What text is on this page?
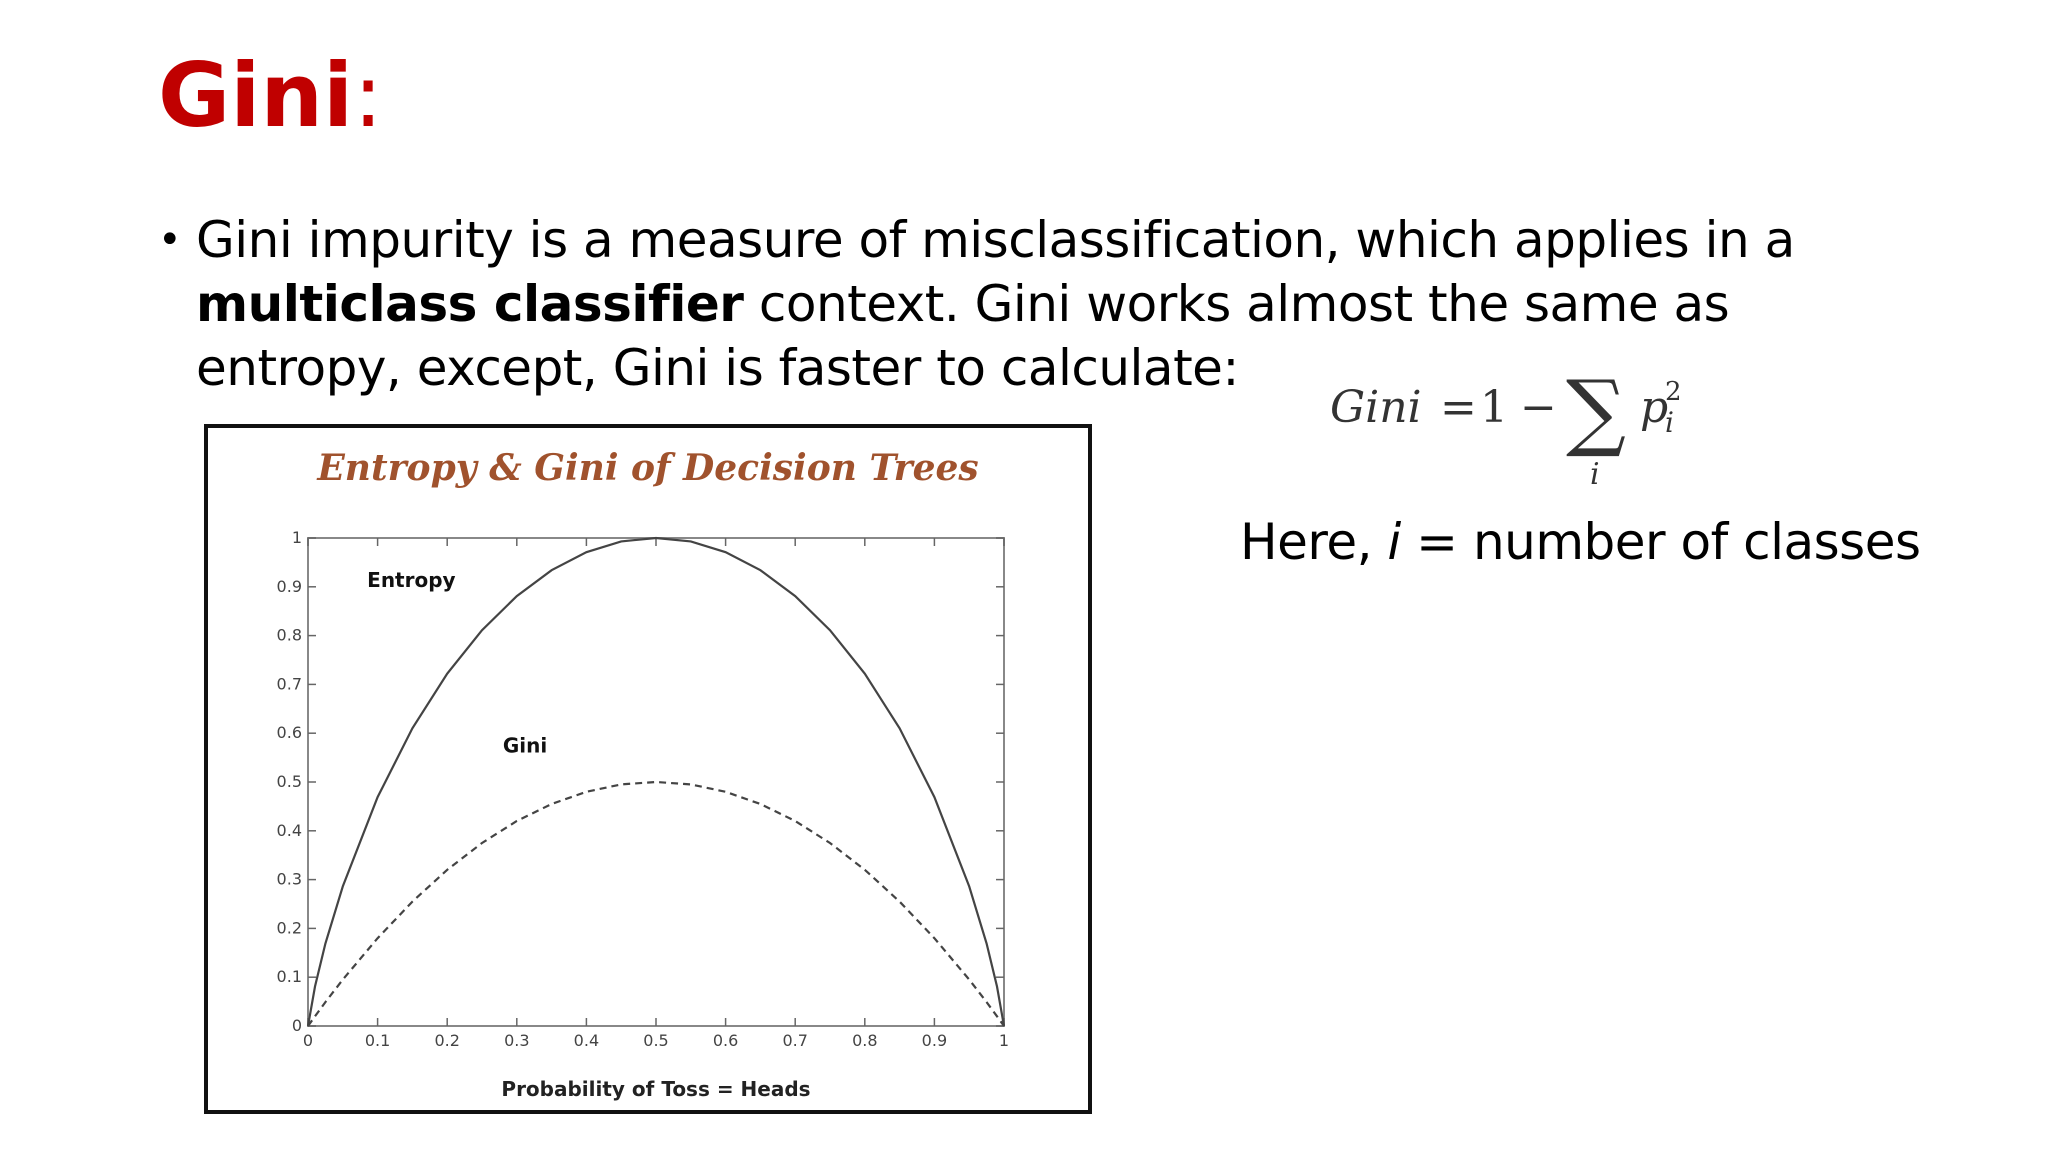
Gini:
• Gini impurity is a measure of misclassification, which applies in a multiclass classifier context. Gini works almost the same as entropy, except, Gini is faster to calculate:
Gini = 1 − ∑
i
p
i
2
Here, i = number of classes
Entropy & Gini of Decision Trees
0	0.1	0.2	0.3	0.4	0.5	0.6	0.7	0.8	0.9	1
0
0.1
0.2
0.3
0.4
0.5
0.6
0.7
0.8
0.9
1
Entropy
Gini
Probability of Toss = Heads
